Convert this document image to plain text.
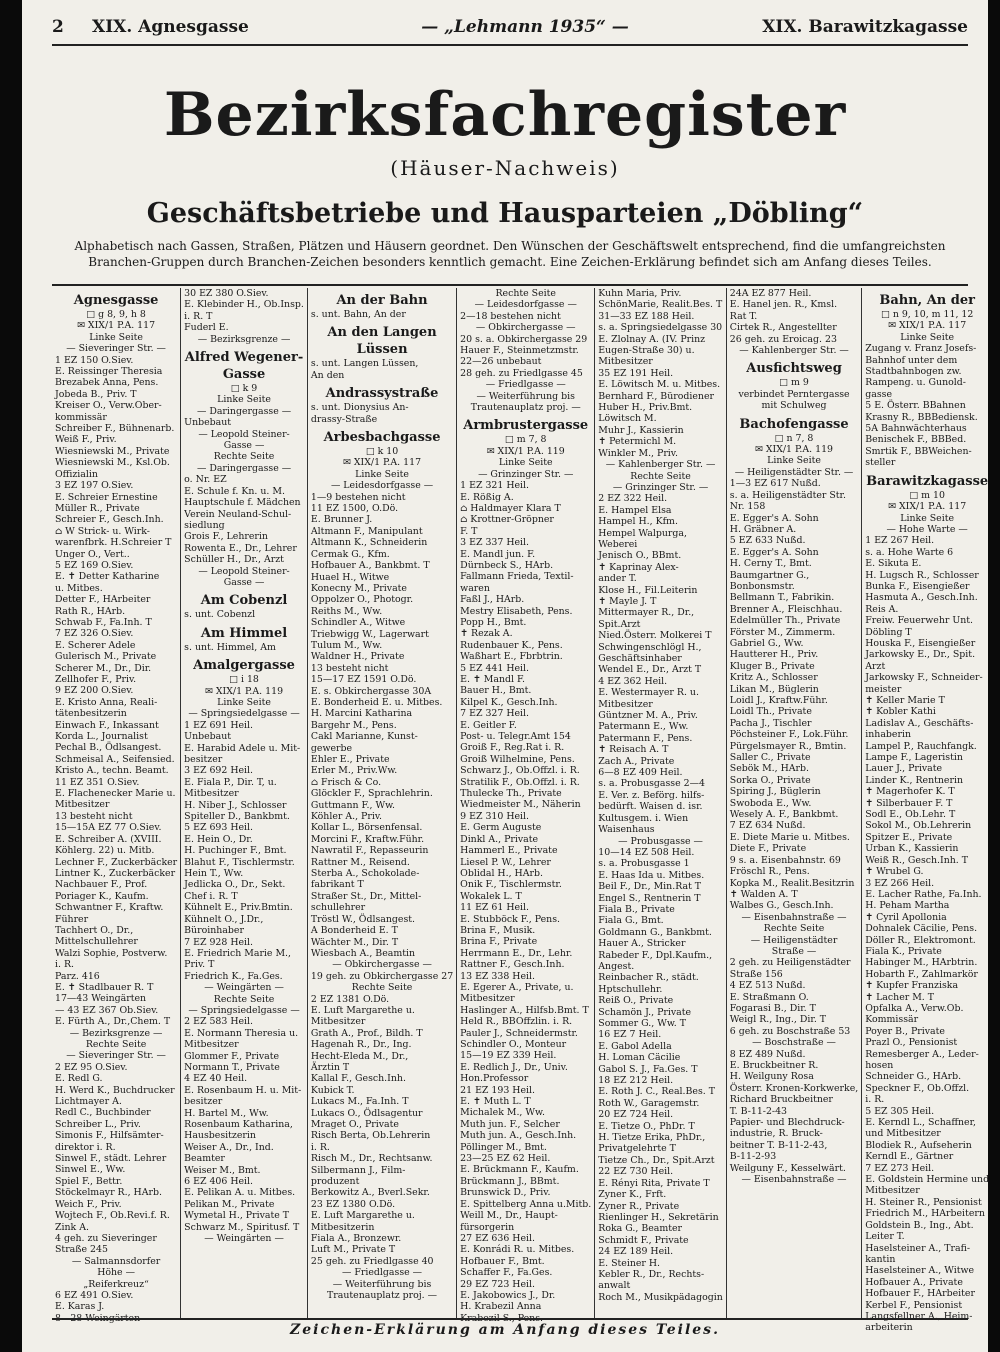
2	XIX. Agnesgasse	— „Lehmann 1935“ —	XIX. Barawitzkagasse
Bezirksfachregister
(Häuser-Nachweis)
Geschäftsbetriebe und Hausparteien „Döbling“
Alphabetisch nach Gassen, Straßen, Plätzen und Häusern geordnet. Den Wünschen der Geschäftswelt entsprechend, find die umfangreichsten Branchen-Gruppen durch Branchen-Zeichen besonders kenntlich gemacht. Eine Zeichen-Erklärung befindet sich am Anfang dieses Teiles.
Agnesgasse
□ g 8, 9, h 8
✉ XIX/1 P.A. 117
Linke Seite
— Sieveringer Str. —
1 EZ 150 O.Siev.
E. Reissinger Theresia
Brezabek Anna, Pens.
Jobeda B., Priv. T
Kreiser O., Verw.Ober-
kommissär
Schreiber F., Bühnenarb.
Weiß F., Priv.
Wiesniewski M., Private
Wiesniewski M., Ksl.Ob.
Offizialin
3 EZ 197 O.Siev.
E. Schreier Ernestine
Müller R., Private
Schreier F., Gesch.Inh.
⌂ W Strick- u. Wirk-
warenfbrk. H.Schreier T
Unger O., Vert..
5 EZ 169 O.Siev.
E. ✝ Detter Katharine
u. Mitbes.
Detter F., HArbeiter
Rath R., HArb.
Schwab F., Fa.Inh. T
7 EZ 326 O.Siev.
E. Scherer Adele
Gulerisch M., Private
Scherer M., Dr., Dir.
Zellhofer F., Priv.
9 EZ 200 O.Siev.
E. Kristo Anna, Reali-
tätenbesitzerin
Einwach F., Inkassant
Korda L., Journalist
Pechal B., Ödlsangest.
Schmeisal A., Seifensied.
Kristo A., techn. Beamt.
11 EZ 351 O.Siev.
E. Flachenecker Marie u.
Mitbesitzer
13 besteht nicht
15—15A EZ 77 O.Siev.
E. Schreiber A. (XVIII.
Köhlerg. 22) u. Mitb.
Lechner F., Zuckerbäcker
Lintner K., Zuckerbäcker
Nachbauer F., Prof.
Poriager K., Kaufm.
Schwantner F., Kraftw.
Führer
Tachhert O., Dr.,
Mittelschullehrer
Walzi Sophie, Postverw.
i. R.
Parz. 416
E. ✝ Stadlbauer R. T
17—43 Weingärten
— 43 EZ 367 Ob.Siev.
E. Fürth A., Dr.,Chem. T
— Bezirksgrenze —
Rechte Seite
— Sieveringer Str. —
2 EZ 95 O.Siev.
E. Redl G.
H. Werd K., Buchdrucker
Lichtmayer A.
Redl C., Buchbinder
Schreiber L., Priv.
Simonis F., Hilfsämter-
direktor i. R.
Sinwel F., städt. Lehrer
Sinwel E., Ww.
Spiel F., Bettr.
Stöckelmayr R., HArb.
Weich F., Priv.
Wojtech F., Ob.Revi.f. R.
Zink A.
4 geh. zu Sieveringer
Straße 245
— Salmannsdorfer
Höhe —
„Reiferkreuz“
6 EZ 491 O.Siev.
E. Karas J.
8—28 Weingärten
30 EZ 380 O.Siev.
E. Klebinder H., Ob.Insp.
i. R. T
Fuderl E.
— Bezirksgrenze —
Alfred Wegener-Gasse
□ k 9
Linke Seite
— Daringergasse —
Unbebaut
— Leopold Steiner-
Gasse —
Rechte Seite
— Daringergasse —
o. Nr. EZ
E. Schule f. Kn. u. M.
Hauptschule f. Mädchen
Verein Neuland-Schul-
siedlung
Grois F., Lehrerin
Rowenta E., Dr., Lehrer
Schüller H., Dr., Arzt
— Leopold Steiner-
Gasse —
Am Cobenzl
s. unt. Cobenzl
Am Himmel
s. unt. Himmel, Am
Amalgergasse
□ i 18
✉ XIX/1 P.A. 119
Linke Seite
— Springsiedelgasse —
1 EZ 691 Heil.
Unbebaut
E. Harabid Adele u. Mit-
besitzer
3 EZ 692 Heil.
E. Fiala P., Dir. T, u.
Mitbesitzer
H. Niber J., Schlosser
Spiteller D., Bankbmt.
5 EZ 693 Heil.
E. Hein O., Dr.
H. Puchinger F., Bmt.
Blahut F., Tischlermstr.
Hein T., Ww.
Jedlicka O., Dr., Sekt.
Chef i. R. T
Kühnelt E., Priv.Bmtin.
Kühnelt O., J.Dr.,
Büroinhaber
7 EZ 928 Heil.
E. Friedrich Marie M.,
Priv. T
Friedrich K., Fa.Ges.
— Weingärten —
Rechte Seite
— Springsiedelgasse —
2 EZ 583 Heil.
E. Normann Theresia u.
Mitbesitzer
Glommer F., Private
Normann T., Private
4 EZ 40 Heil.
E. Rosenbaum H. u. Mit-
besitzer
H. Bartel M., Ww.
Rosenbaum Katharina,
Hausbesitzerin
Weiser A., Dr., Ind.
Beamter
Weiser M., Bmt.
6 EZ 406 Heil.
E. Pelikan A. u. Mitbes.
Pelikan M., Private
Wymetal H., Private T
Schwarz M., Spiritusf. T
— Weingärten —
An der Bahn
s. unt. Bahn, An der
An den Langen Lüssen
s. unt. Langen Lüssen,
An den
Andrassystraße
s. unt. Dionysius An-
drassy-Straße
Arbesbachgasse
□ k 10
✉ XIX/1 P.A. 117
Linke Seite
— Leidesdorfgasse —
1—9 bestehen nicht
11 EZ 1500, O.Dö.
E. Brunner J.
Altmann F., Manipulant
Altmann K., Schneiderin
Cermak G., Kfm.
Hofbauer A., Bankbmt. T
Huael H., Witwe
Konecny M., Private
Oppolzer O., Photogr.
Reiths M., Ww.
Schindler A., Witwe
Triebwigg W., Lagerwart
Tulum M., Ww.
Waldner H., Private
13 besteht nicht
15—17 EZ 1591 O.Dö.
E. s. Obkirchergasse 30A
E. Bonderheid E. u. Mitbes.
H. Marcini Katharina
Bargehr M., Pens.
Cakl Marianne, Kunst-
gewerbe
Ehler E., Private
Erler M., Priv.Ww.
⌂ Frisch & Co.
Glöckler F., Sprachlehrin.
Guttmann F., Ww.
Köhler A., Priv.
Kollar L., Börsenfensal.
Morcini F., Kraftw.Führ.
Nawratil F., Repasseurin
Rattner M., Reisend.
Sterba A., Schokolade-
fabrikant T
Straßer St., Dr., Mittel-
schullehrer
Tröstl W., Ödlsangest.
A Bonderheid E. T
Wächter M., Dir. T
Wiesbach A., Beamtin
— Obkirchergasse —
19 geh. zu Obkirchergasse 27
Rechte Seite
2 EZ 1381 O.Dö.
E. Luft Margarethe u.
Mitbesitzer
Grath A., Prof., Bildh. T
Hagenah R., Dr., Ing.
Hecht-Eleda M., Dr.,
Ärztin T
Kallal F., Gesch.Inh.
Kubick T.
Lukacs M., Fa.Inh. T
Lukacs O., Ödlsagentur
Mraget O., Private
Risch Berta, Ob.Lehrerin
i. R.
Risch M., Dr., Rechtsanw.
Silbermann J., Film-
produzent
Berkowitz A., Bverl.Sekr.
23 EZ 1380 O.Dö.
E. Luft Margarethe u.
Mitbesitzerin
Fiala A., Bronzewr.
Luft M., Private T
25 geh. zu Friedlgasse 40
— Friedlgasse —
— Weiterführung bis
Trautenauplatz proj. —
Rechte Seite
— Leidesdorfgasse —
2—18 bestehen nicht
— Obkirchergasse —
20 s. a. Obkirchergasse 29
Hauer F., Steinmetzmstr.
22—26 unbebaut
28 geh. zu Friedlgasse 45
— Friedlgasse —
— Weiterführung bis
Trautenauplatz proj. —
Armbrustergasse
□ m 7, 8
✉ XIX/1 P.A. 119
Linke Seite
— Grinzinger Str. —
1 EZ 321 Heil.
E. Rößig A.
⌂ Haldmayer Klara T
⌂ Krottner-Gröpner
F. T
3 EZ 337 Heil.
E. Mandl jun. F.
Dürnbeck S., HArb.
Fallmann Frieda, Textil-
waren
Faßl J., HArb.
Mestry Elisabeth, Pens.
Popp H., Bmt.
✝ Rezak A.
Rudenbauer K., Pens.
Waßhart E., Fbrbtrin.
5 EZ 441 Heil.
E. ✝ Mandl F.
Bauer H., Bmt.
Kilpel K., Gesch.Inh.
7 EZ 327 Heil.
E. Geitler F.
Post- u. Telegr.Amt 154
Groiß F., Reg.Rat i. R.
Groiß Wilhelmine, Pens.
Schwarz J., Ob.Offzl. i. R.
Stratilik F., Ob.Offzl. i. R.
Thulecke Th., Private
Wiedmeister M., Näherin
9 EZ 310 Heil.
E. Germ Auguste
Dinkl A., Private
Hammerl E., Private
Liesel P. W., Lehrer
Oblidal H., HArb.
Onik F., Tischlermstr.
Wokalek L. T
11 EZ 61 Heil.
E. Stubböck F., Pens.
Brina F., Musik.
Brina F., Private
Herrmann E., Dr., Lehr.
Rattner F., Gesch.Inh.
13 EZ 338 Heil.
E. Egerer A., Private, u.
Mitbesitzer
Haslinger A., Hilfsb.Bmt. T
Held R., BBOffzlin. i. R.
Pauler J., Schneidermstr.
Schindler O., Monteur
15—19 EZ 339 Heil.
E. Redlich J., Dr., Univ.
Hon.Professor
21 EZ 193 Heil.
E. ✝ Muth L. T
Michalek M., Ww.
Muth jun. F., Selcher
Muth jun. A., Gesch.Inh.
Pöllinger M., Bmt.
23—25 EZ 62 Heil.
E. Brückmann F., Kaufm.
Brückmann J., BBmt.
Brunswick D., Priv.
E. Spittelberg Anna u.Mitb.
Weill M., Dr., Haupt-
fürsorgerin
27 EZ 636 Heil.
E. Konrádi R. u. Mitbes.
Hofbauer F., Bmt.
Schaffer F., Fa.Ges.
29 EZ 723 Heil.
E. Jakobowics J., Dr.
H. Krabezil Anna
Krabezil S., Pens.
Kuhn Maria, Priv.
SchönMarie, Realit.Bes. T
31—33 EZ 188 Heil.
s. a. Springsiedelgasse 30
E. Zlolnay A. (IV. Prinz
Eugen-Straße 30) u.
Mitbesitzer
35 EZ 191 Heil.
E. Löwitsch M. u. Mitbes.
Bernhard F., Bürodiener
Huber H., Priv.Bmt.
Löwitsch M.
Muhr J., Kassierin
✝ Petermichl M.
Winkler M., Priv.
— Kahlenberger Str. —
Rechte Seite
— Grinzinger Str. —
2 EZ 322 Heil.
E. Hampel Elsa
Hampel H., Kfm.
Hempel Walpurga,
Weberei
Jenisch O., BBmt.
✝ Kaprinay Alex-
ander T.
Klose H., Fil.Leiterin
✝ Mayle J. T
Mittermayer R., Dr.,
Spit.Arzt
Nied.Österr. Molkerei T
Schwingenschlögl H.,
Geschäftsinhaber
Wendel E., Dr., Arzt T
4 EZ 362 Heil.
E. Westermayer R. u.
Mitbesitzer
Güntzner M. A., Priv.
Patermann E., Ww.
Patermann F., Pens.
✝ Reisach A. T
Zach A., Private
6—8 EZ 409 Heil.
s. a. Probusgasse 2—4
E. Ver. z. Beförg. hilfs-
bedürft. Waisen d. isr.
Kultusgem. i. Wien
Waisenhaus
— Probusgasse —
10—14 EZ 508 Heil.
s. a. Probusgasse 1
E. Haas Ida u. Mitbes.
Beil F., Dr., Min.Rat T
Engel S., Rentnerin T
Fiala B., Private
Fiala G., Bmt.
Goldmann G., Bankbmt.
Hauer A., Stricker
Rabeder F., Dpl.Kaufm.,
Angest.
Reinbacher R., städt.
Hptschullehr.
Reiß O., Private
Schamön J., Private
Sommer G., Ww. T
16 EZ 7 Heil.
E. Gabol Adella
H. Loman Cäcilie
Gabol S. J., Fa.Ges. T
18 EZ 212 Heil.
E. Roth J. C., Real.Bes. T
Roth W., Garagemstr.
20 EZ 724 Heil.
E. Tietze O., PhDr. T
H. Tietze Erika, PhDr.,
Privatgelehrte T
Tietze Ch., Dr., Spit.Arzt
22 EZ 730 Heil.
E. Rényi Rita, Private T
Zyner K., Frft.
Zyner R., Private
Rienlinger H., Sekretärin
Roka G., Beamter
Schmidt F., Private
24 EZ 189 Heil.
E. Steiner H.
Kebler R., Dr., Rechts-
anwalt
Roch M., Musikpädagogin
24A EZ 877 Heil.
E. Hanel jen. R., Kmsl.
Rat T.
Cirtek R., Angestellter
26 geh. zu Eroicag. 23
— Kahlenberger Str. —
Ausfichtsweg
□ m 9
verbindet Perntergasse
mit Schulweg
Bachofengasse
□ n 7, 8
✉ XIX/1 P.A. 119
Linke Seite
— Heiligenstädter Str. —
1—3 EZ 617 Nußd.
s. a. Heiligenstädter Str.
Nr. 158
E. Egger's A. Sohn
H. Gräbner A.
5 EZ 633 Nußd.
E. Egger's A. Sohn
H. Cerny T., Bmt.
Baumgartner G.,
Bonbonsmstr.
Bellmann T., Fabrikin.
Brenner A., Fleischhau.
Edelmüller Th., Private
Förster M., Zimmerm.
Gabriel G., Ww.
Hautterer H., Priv.
Kluger B., Private
Kritz A., Schlosser
Likan M., Büglerin
Loidl J., Kraftw.Führ.
Loidl Th., Private
Pacha J., Tischler
Pöchsteiner F., Lok.Führ.
Pürgelsmayer R., Bmtin.
Saller C., Private
Sebök M., HArb.
Sorka O., Private
Spiring J., Büglerin
Swoboda E., Ww.
Wesely A. F., Bankbmt.
7 EZ 634 Nußd.
E. Diete Marie u. Mitbes.
Diete F., Private
9 s. a. Eisenbahnstr. 69
Fröschl R., Pens.
Kopka M., Realit.Besitzrin
✝ Walden A. T
Walbes G., Gesch.Inh.
— Eisenbahnstraße —
Rechte Seite
— Heiligenstädter
Straße —
2 geh. zu Heiligenstädter
Straße 156
4 EZ 513 Nußd.
E. Straßmann O.
Fogarasi B., Dir. T
Weigl R., Ing., Dir. T
6 geh. zu Boschstraße 53
— Boschstraße —
8 EZ 489 Nußd.
E. Bruckbeitner R.
H. Weilguny Rosa
Österr. Kronen-Korkwerke,
Richard Bruckbeitner
T. B-11-2-43
Papier- und Blechdruck-
industrie, R. Bruck-
beitner T. B-11-2-43,
B-11-2-93
Weilguny F., Kesselwärt.
— Eisenbahnstraße —
Bahn, An der
□ n 9, 10, m 11, 12
✉ XIX/1 P.A. 117
Linke Seite
Zugang v. Franz Josefs-
Bahnhof unter dem
Stadtbahnbogen zw.
Rampeng. u. Gunold-
gasse
5 E. Österr. BBahnen
Krasny R., BBBediensk.
5A Bahnwächterhaus
Benischek F., BBBed.
Smrtik F., BBWeichen-
steller
Barawitzkagasse
□ m 10
✉ XIX/1 P.A. 117
Linke Seite
— Hohe Warte —
1 EZ 267 Heil.
s. a. Hohe Warte 6
E. Sikuta E.
H. Lugsch R., Schlosser
Bunka F., Eisengießer
Hasmuta A., Gesch.Inh.
Reis A.
Freiw. Feuerwehr Unt.
Döbling T
Houska F., Eisengießer
Jarkowsky E., Dr., Spit.
Arzt
Jarkowsky F., Schneider-
meister
✝ Keller Marie T
✝ Kobler Kathi
Ladislav A., Geschäfts-
inhaberin
Lampel P., Rauchfangk.
Lampe F., Lageristin
Lauer J., Private
Linder K., Rentnerin
✝ Magerhofer K. T
✝ Silberbauer F. T
Sodl E., Ob.Lehr. T
Sokol M., Ob.Lehrerin
Spitzer E., Private
Urban K., Kassierin
Weiß R., Gesch.Inh. T
✝ Wrubel G.
3 EZ 266 Heil.
E. Lacher Rathe, Fa.Inh.
H. Peham Martha
✝ Cyril Apollonia
Dohnalek Cäcilie, Pens.
Döller R., Elektromont.
Fiala K., Private
Habinger M., HArbtrin.
Hobarth F., Zahlmarkör
✝ Kupfer Franziska
✝ Lacher M. T
Opfalka A., Verw.Ob.
Kommissär
Poyer B., Private
Prazl O., Pensionist
Remesberger A., Leder-
hosen
Schneider G., HArb.
Speckner F., Ob.Offzl.
i. R.
5 EZ 305 Heil.
E. Kerndl L., Schaffner,
und Mitbesitzer
Blodiek R., Aufseherin
Kerndl E., Gärtner
7 EZ 273 Heil.
E. Goldstein Hermine und
Mitbesitzer
H. Steiner R., Pensionist
Friedrich M., HArbeitern
Goldstein B., Ing., Abt.
Leiter T.
Haselsteiner A., Trafi-
kantin
Haselsteiner A., Witwe
Hofbauer A., Private
Hofbauer F., HArbeiter
Kerbel F., Pensionist
Langsfellner A., Heim-
arbeiterin
Zeichen-Erklärung am Anfang dieses Teiles.
